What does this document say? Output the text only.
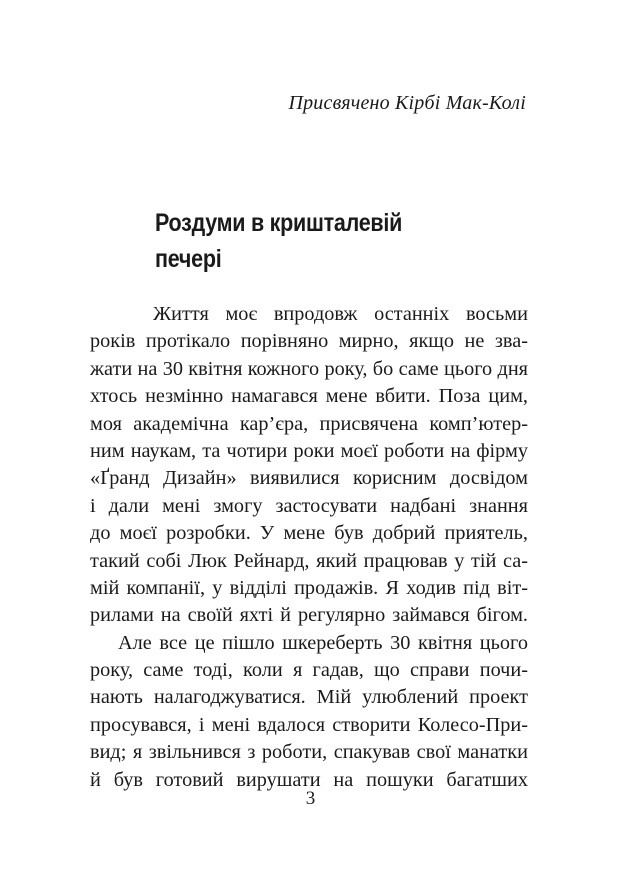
Присвячено Кірбі Мак-Колі
Роздуми в кришталевій
печері
Життя моє впродовж останніх восьми
років протікало порівняно мирно, якщо не зва-
жати на 30 квітня кожного року, бо саме цього дня
хтось незмінно намагався мене вбити. Поза цим,
моя академічна кар’єра, присвячена комп’ютер-
ним наукам, та чотири роки моєї роботи на фірму
«Ґранд Дизайн» виявилися корисним досвідом
і дали мені змогу застосувати надбані знання
до моєї розробки. У мене був добрий приятель,
такий собі Люк Рейнард, який працював у тій са-
мій компанії, у відділі продажів. Я ходив під віт-
рилами на своїй яхті й регулярно займався бігом.
Але все це пішло шкереберть 30 квітня цього
року, саме тоді, коли я гадав, що справи почи-
нають налагоджуватися. Мій улюблений проект
просувався, і мені вдалося створити Колесо-При-
вид; я звільнився з роботи, спакував свої манатки
й був готовий вирушати на пошуки багатших
3
